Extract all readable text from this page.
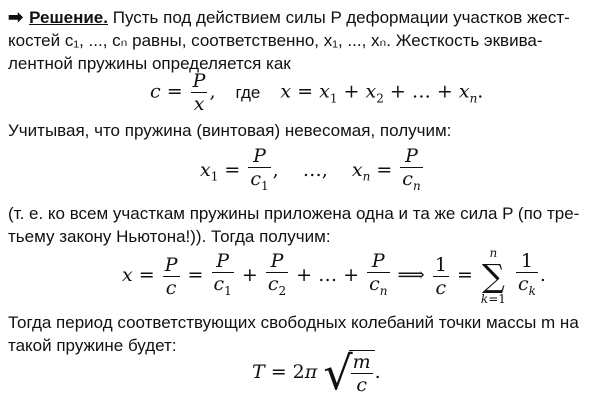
➡ Решение. Пусть под действием силы P деформации участков жест-
костей c₁, ..., cₙ равны, соответственно, x₁, ..., xₙ. Жесткость эквива-
лентной пружины определяется как
$c = \frac{P}{x}$ , где $x = x_1 + x_2$ + … + $x_n$.
Учитывая, что пружина (винтовая) невесомая, получим:
$x_1 = \frac{P}{c_1}$ , …, $x_n = \frac{P}{c_n}$
(т. е. ко всем участкам пружины приложена одна и та же сила P (по тре-
тьему закону Ньютона!)). Тогда получим:
$x = \frac{P}{c} = \frac{P}{c_1} + \frac{P}{c_2}$ + … + $\frac{P}{c_n}$ ⟹ $\frac{1}{c} = n$
∑
$k=1 \frac{1}{c_k}$ .
Тогда период соответствующих свободных колебаний точки массы m на
такой пружине будет:
T = 2π √
$\frac{m}{c}$ .
